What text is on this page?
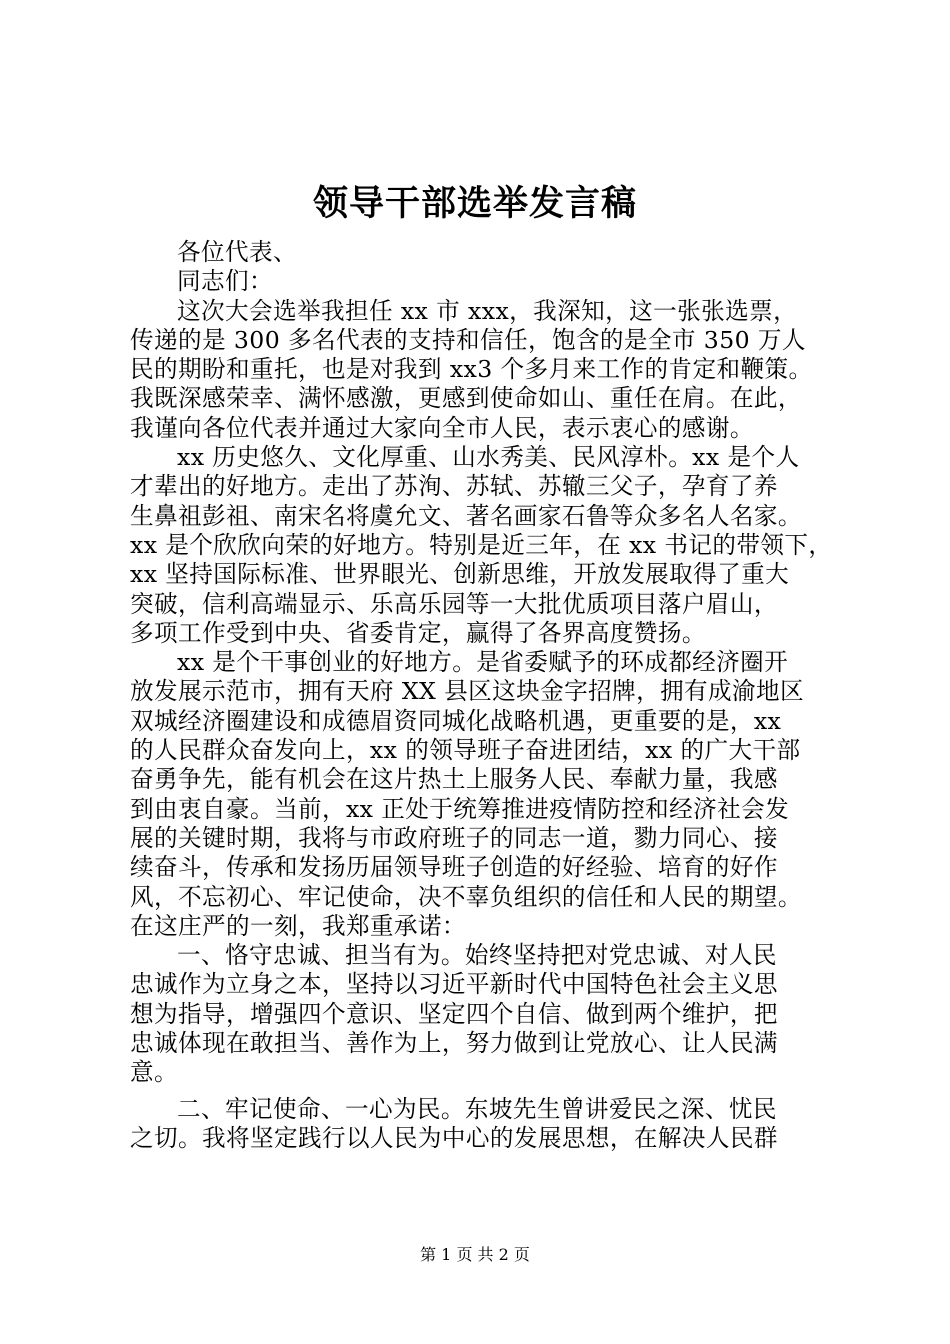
领导干部选举发言稿
各位代表、
同志们：
这次大会选举我担任 xx 市 xxx，我深知，这一张张选票，
传递的是 300 多名代表的支持和信任，饱含的是全市 350 万人
民的期盼和重托，也是对我到 xx3 个多月来工作的肯定和鞭策。
我既深感荣幸、满怀感激，更感到使命如山、重任在肩。在此，
我谨向各位代表并通过大家向全市人民，表示衷心的感谢。
xx 历史悠久、文化厚重、山水秀美、民风淳朴。xx 是个人
才辈出的好地方。走出了苏洵、苏轼、苏辙三父子，孕育了养
生鼻祖彭祖、南宋名将虞允文、著名画家石鲁等众多名人名家。
xx 是个欣欣向荣的好地方。特别是近三年，在 xx 书记的带领下，
xx 坚持国际标准、世界眼光、创新思维，开放发展取得了重大
突破，信利高端显示、乐高乐园等一大批优质项目落户眉山，
多项工作受到中央、省委肯定，赢得了各界高度赞扬。
xx 是个干事创业的好地方。是省委赋予的环成都经济圈开
放发展示范市，拥有天府 XX 县区这块金字招牌，拥有成渝地区
双城经济圈建设和成德眉资同城化战略机遇，更重要的是，xx
的人民群众奋发向上，xx 的领导班子奋进团结，xx 的广大干部
奋勇争先，能有机会在这片热土上服务人民、奉献力量，我感
到由衷自豪。当前，xx 正处于统筹推进疫情防控和经济社会发
展的关键时期，我将与市政府班子的同志一道，勠力同心、接
续奋斗，传承和发扬历届领导班子创造的好经验、培育的好作
风，不忘初心、牢记使命，决不辜负组织的信任和人民的期望。
在这庄严的一刻，我郑重承诺：
一、恪守忠诚、担当有为。始终坚持把对党忠诚、对人民
忠诚作为立身之本，坚持以习近平新时代中国特色社会主义思
想为指导，增强四个意识、坚定四个自信、做到两个维护，把
忠诚体现在敢担当、善作为上，努力做到让党放心、让人民满
意。
二、牢记使命、一心为民。东坡先生曾讲爱民之深、忧民
之切。我将坚定践行以人民为中心的发展思想，在解决人民群
第 1 页 共 2 页
